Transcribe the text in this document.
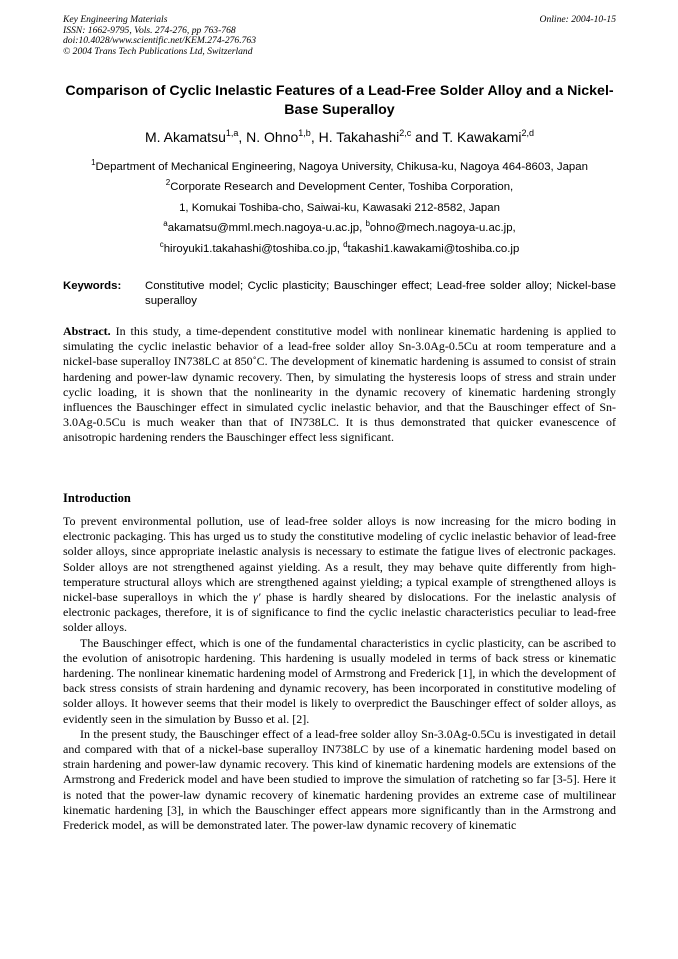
Key Engineering Materials
ISSN: 1662-9795, Vols. 274-276, pp 763-768
doi:10.4028/www.scientific.net/KEM.274-276.763
© 2004 Trans Tech Publications Ltd, Switzerland
Online: 2004-10-15
Comparison of Cyclic Inelastic Features of a Lead-Free Solder Alloy and a Nickel-Base Superalloy
M. Akamatsu$^{1,a}$, N. Ohno$^{1,b}$, H. Takahashi$^{2,c}$ and T. Kawakami$^{2,d}$
$^1$Department of Mechanical Engineering, Nagoya University, Chikusa-ku, Nagoya 464-8603, Japan
$^2$Corporate Research and Development Center, Toshiba Corporation,
1, Komukai Toshiba-cho, Saiwai-ku, Kawasaki 212-8582, Japan
$^a$akamatsu@mml.mech.nagoya-u.ac.jp, $^b$ohno@mech.nagoya-u.ac.jp,
$^c$hiroyuki1.takahashi@toshiba.co.jp, $^d$takashi1.kawakami@toshiba.co.jp
Keywords: Constitutive model; Cyclic plasticity; Bauschinger effect; Lead-free solder alloy; Nickel-base superalloy
Abstract. In this study, a time-dependent constitutive model with nonlinear kinematic hardening is applied to simulating the cyclic inelastic behavior of a lead-free solder alloy Sn-3.0Ag-0.5Cu at room temperature and a nickel-base superalloy IN738LC at 850˚C. The development of kinematic hardening is assumed to consist of strain hardening and power-law dynamic recovery. Then, by simulating the hysteresis loops of stress and strain under cyclic loading, it is shown that the nonlinearity in the dynamic recovery of kinematic hardening strongly influences the Bauschinger effect in simulated cyclic inelastic behavior, and that the Bauschinger effect of Sn-3.0Ag-0.5Cu is much weaker than that of IN738LC. It is thus demonstrated that quicker evanescence of anisotropic hardening renders the Bauschinger effect less significant.
Introduction

To prevent environmental pollution, use of lead-free solder alloys is now increasing for the micro boding in electronic packaging. This has urged us to study the constitutive modeling of cyclic inelastic behavior of lead-free solder alloys, since appropriate inelastic analysis is necessary to estimate the fatigue lives of electronic packages. Solder alloys are not strengthened against yielding. As a result, they may behave quite differently from high-temperature structural alloys which are strengthened against yielding; a typical example of strengthened alloys is nickel-base superalloys in which the γ′ phase is hardly sheared by dislocations. For the inelastic analysis of electronic packages, therefore, it is of significance to find the cyclic inelastic characteristics peculiar to lead-free solder alloys.

The Bauschinger effect, which is one of the fundamental characteristics in cyclic plasticity, can be ascribed to the evolution of anisotropic hardening. This hardening is usually modeled in terms of back stress or kinematic hardening. The nonlinear kinematic hardening model of Armstrong and Frederick [1], in which the development of back stress consists of strain hardening and dynamic recovery, has been incorporated in constitutive modeling of solder alloys. It however seems that their model is likely to overpredict the Bauschinger effect of solder alloys, as evidently seen in the simulation by Busso et al. [2].

In the present study, the Bauschinger effect of a lead-free solder alloy Sn-3.0Ag-0.5Cu is investigated in detail and compared with that of a nickel-base superalloy IN738LC by use of a kinematic hardening model based on strain hardening and power-law dynamic recovery. This kind of kinematic hardening models are extensions of the Armstrong and Frederick model and have been studied to improve the simulation of ratcheting so far [3-5]. Here it is noted that the power-law dynamic recovery of kinematic hardening provides an extreme case of multilinear kinematic hardening [3], in which the Bauschinger effect appears more significantly than in the Armstrong and Frederick model, as will be demonstrated later. The power-law dynamic recovery of kinematic
